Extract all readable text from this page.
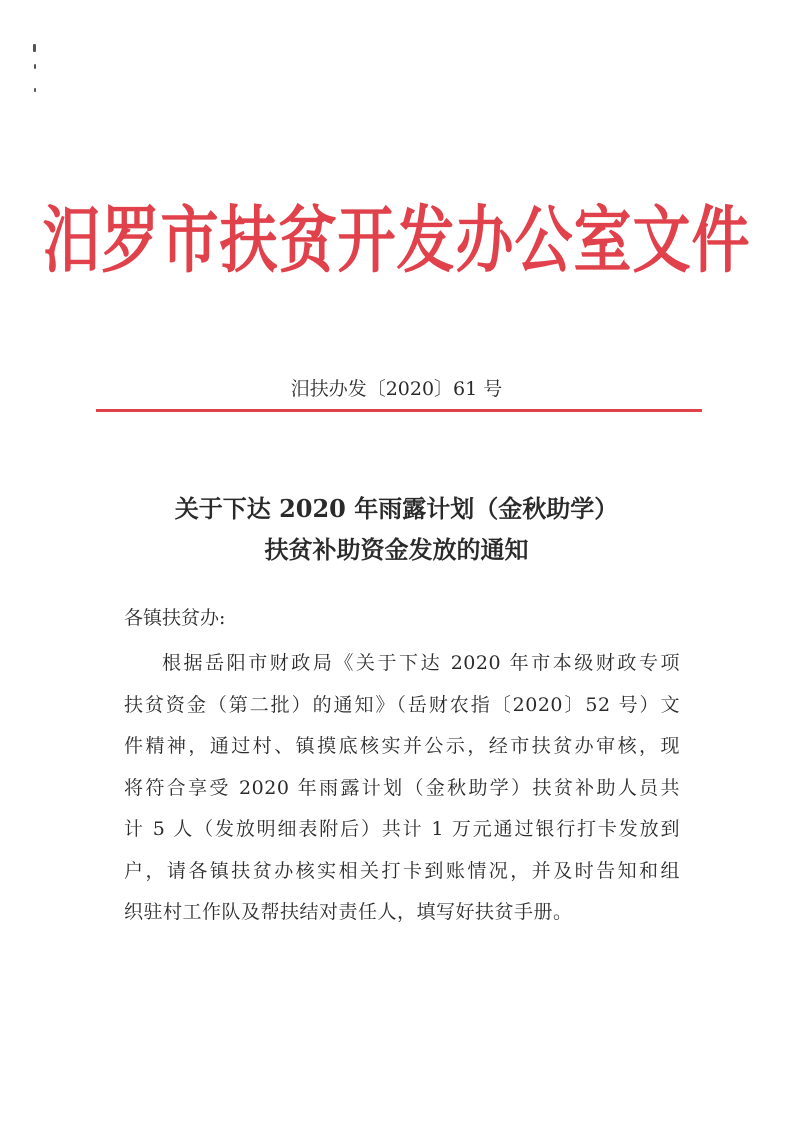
汨罗市扶贫开发办公室文件
汨扶办发〔2020〕61 号
关于下达 2020 年雨露计划（金秋助学）
扶贫补助资金发放的通知
各镇扶贫办:
根据岳阳市财政局《关于下达 2020 年市本级财政专项
扶贫资金（第二批）的通知》（岳财农指〔2020〕52 号）文
件精神，通过村、镇摸底核实并公示，经市扶贫办审核，现
将符合享受 2020 年雨露计划（金秋助学）扶贫补助人员共
计 5 人（发放明细表附后）共计 1 万元通过银行打卡发放到
户，请各镇扶贫办核实相关打卡到账情况，并及时告知和组
织驻村工作队及帮扶结对责任人，填写好扶贫手册。
